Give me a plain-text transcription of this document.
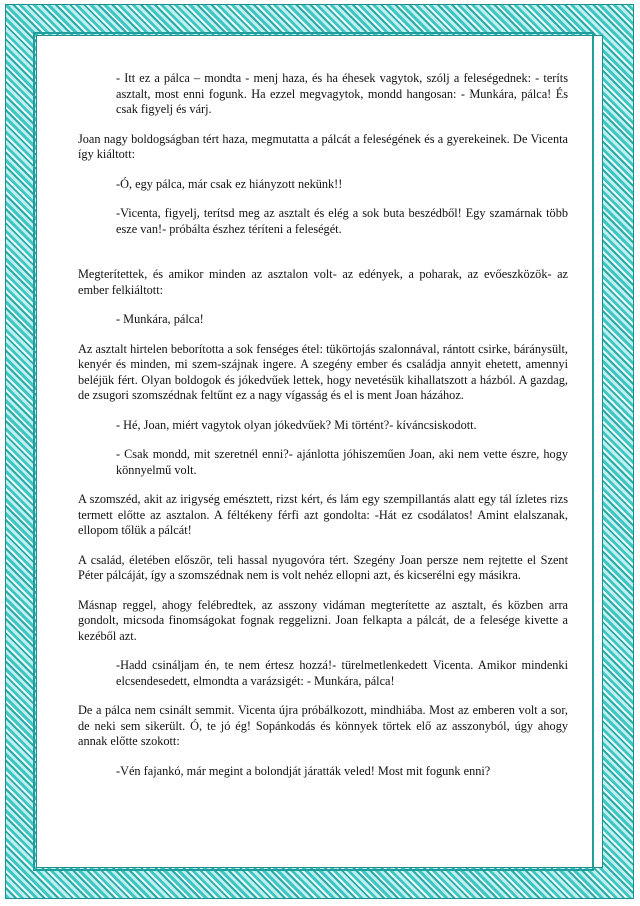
- Itt ez a pálca – mondta - menj haza, és ha éhesek vagytok, szólj a feleségednek: - teríts asztalt, most enni fogunk. Ha ezzel megvagytok, mondd hangosan: - Munkára, pálca! És csak figyelj és várj.

Joan nagy boldogságban tért haza, megmutatta a pálcát a feleségének és a gyerekeinek. De Vicenta így kiáltott:

-Ó, egy pálca, már csak ez hiányzott nekünk!!

-Vicenta, figyelj, terítsd meg az asztalt és elég a sok buta beszédből! Egy szamárnak több esze van!- próbálta észhez téríteni a feleségét.

Megterítettek, és amikor minden az asztalon volt- az edények, a poharak, az evőeszközök- az ember felkiáltott:

- Munkára, pálca!

Az asztalt hirtelen beborította a sok fenséges étel: tükörtojás szalonnával, rántott csirke, báránysült, kenyér és minden, mi szem-szájnak ingere. A szegény ember és családja annyit ehetett, amennyi beléjük fért. Olyan boldogok és jókedvűek lettek, hogy nevetésük kihallatszott a házból. A gazdag, de zsugori szomszédnak feltűnt ez a nagy vígasság és el is ment Joan házához.

- Hé, Joan, miért vagytok olyan jókedvűek? Mi történt?- kíváncsiskodott.

- Csak mondd, mit szeretnél enni?- ajánlotta jóhiszeműen Joan, aki nem vette észre, hogy könnyelmű volt.

A szomszéd, akit az irigység emésztett, rizst kért, és lám egy szempillantás alatt egy tál ízletes rizs termett előtte az asztalon. A féltékeny férfi azt gondolta: -Hát ez csodálatos! Amint elalszanak, ellopom tőlük a pálcát!

A család, életében először, teli hassal nyugovóra tért. Szegény Joan persze nem rejtette el Szent Péter pálcáját, így a szomszédnak nem is volt nehéz ellopni azt, és kicserélni egy másikra.

Másnap reggel, ahogy felébredtek, az asszony vidáman megterítette az asztalt, és közben arra gondolt, micsoda finomságokat fognak reggelizni. Joan felkapta a pálcát, de a felesége kivette a kezéből azt.

-Hadd csináljam én, te nem értesz hozzá!- türelmetlenkedett Vicenta. Amikor mindenki elcsendesedett, elmondta a varázsigét: - Munkára, pálca!

De a pálca nem csinált semmit. Vicenta újra próbálkozott, mindhiába. Most az emberen volt a sor, de neki sem sikerült. Ó, te jó ég! Sopánkodás és könnyek törtek elő az asszonyból, úgy ahogy annak előtte szokott:

-Vén fajankó, már megint a bolondját járatták veled! Most mit fogunk enni?
